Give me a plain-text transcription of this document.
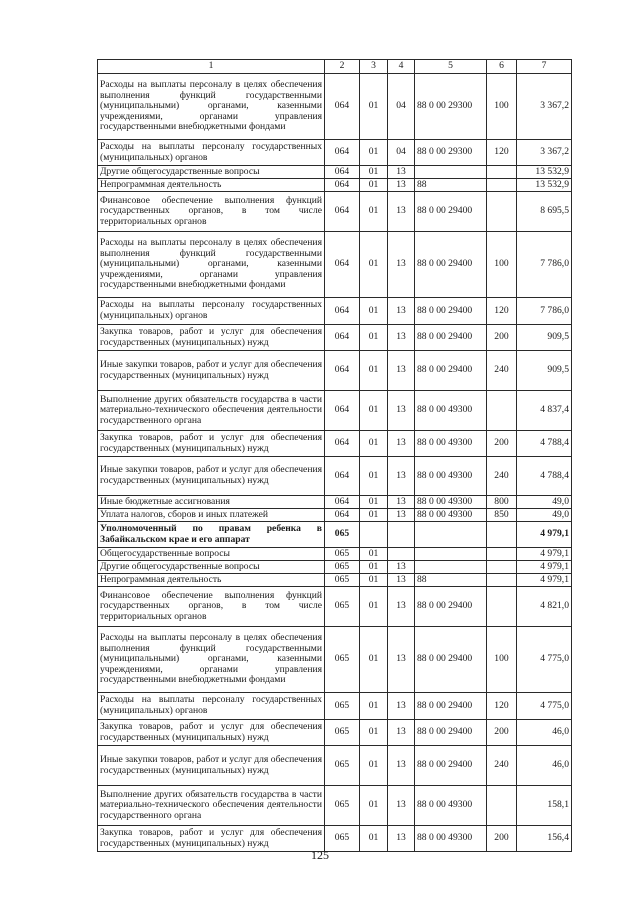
1	2	3	4	5	6	7
Расходы на выплаты персоналу в целях обеспечения выполнения функций государственными (муниципальными) органами, казенными учреждениями, органами управления государственными внебюджетными фондами	064	01	04	88 0 00 29300	100	3 367,2
Расходы на выплаты персоналу государственных (муниципальных) органов	064	01	04	88 0 00 29300	120	3 367,2
Другие общегосударственные вопросы	064	01	13			13 532,9
Непрограммная деятельность	064	01	13	88		13 532,9
Финансовое обеспечение выполнения функций государственных органов, в том числе территориальных органов	064	01	13	88 0 00 29400		8 695,5
Расходы на выплаты персоналу в целях обеспечения выполнения функций государственными (муниципальными) органами, казенными учреждениями, органами управления государственными внебюджетными фондами	064	01	13	88 0 00 29400	100	7 786,0
Расходы на выплаты персоналу государственных (муниципальных) органов	064	01	13	88 0 00 29400	120	7 786,0
Закупка товаров, работ и услуг для обеспечения государственных (муниципальных) нужд	064	01	13	88 0 00 29400	200	909,5
Иные закупки товаров, работ и услуг для обеспечения государственных (муниципальных) нужд	064	01	13	88 0 00 29400	240	909,5
Выполнение других обязательств государства в части материально-технического обеспечения деятельности государственного органа	064	01	13	88 0 00 49300		4 837,4
Закупка товаров, работ и услуг для обеспечения государственных (муниципальных) нужд	064	01	13	88 0 00 49300	200	4 788,4
Иные закупки товаров, работ и услуг для обеспечения государственных (муниципальных) нужд	064	01	13	88 0 00 49300	240	4 788,4
Иные бюджетные ассигнования	064	01	13	88 0 00 49300	800	49,0
Уплата налогов, сборов и иных платежей	064	01	13	88 0 00 49300	850	49,0
Уполномоченный по правам ребенка в Забайкальском крае и его аппарат	065					4 979,1
Общегосударственные вопросы	065	01				4 979,1
Другие общегосударственные вопросы	065	01	13			4 979,1
Непрограммная деятельность	065	01	13	88		4 979,1
Финансовое обеспечение выполнения функций государственных органов, в том числе территориальных органов	065	01	13	88 0 00 29400		4 821,0
Расходы на выплаты персоналу в целях обеспечения выполнения функций государственными (муниципальными) органами, казенными учреждениями, органами управления государственными внебюджетными фондами	065	01	13	88 0 00 29400	100	4 775,0
Расходы на выплаты персоналу государственных (муниципальных) органов	065	01	13	88 0 00 29400	120	4 775,0
Закупка товаров, работ и услуг для обеспечения государственных (муниципальных) нужд	065	01	13	88 0 00 29400	200	46,0
Иные закупки товаров, работ и услуг для обеспечения государственных (муниципальных) нужд	065	01	13	88 0 00 29400	240	46,0
Выполнение других обязательств государства в части материально-технического обеспечения деятельности государственного органа	065	01	13	88 0 00 49300		158,1
Закупка товаров, работ и услуг для обеспечения государственных (муниципальных) нужд	065	01	13	88 0 00 49300	200	156,4
125
